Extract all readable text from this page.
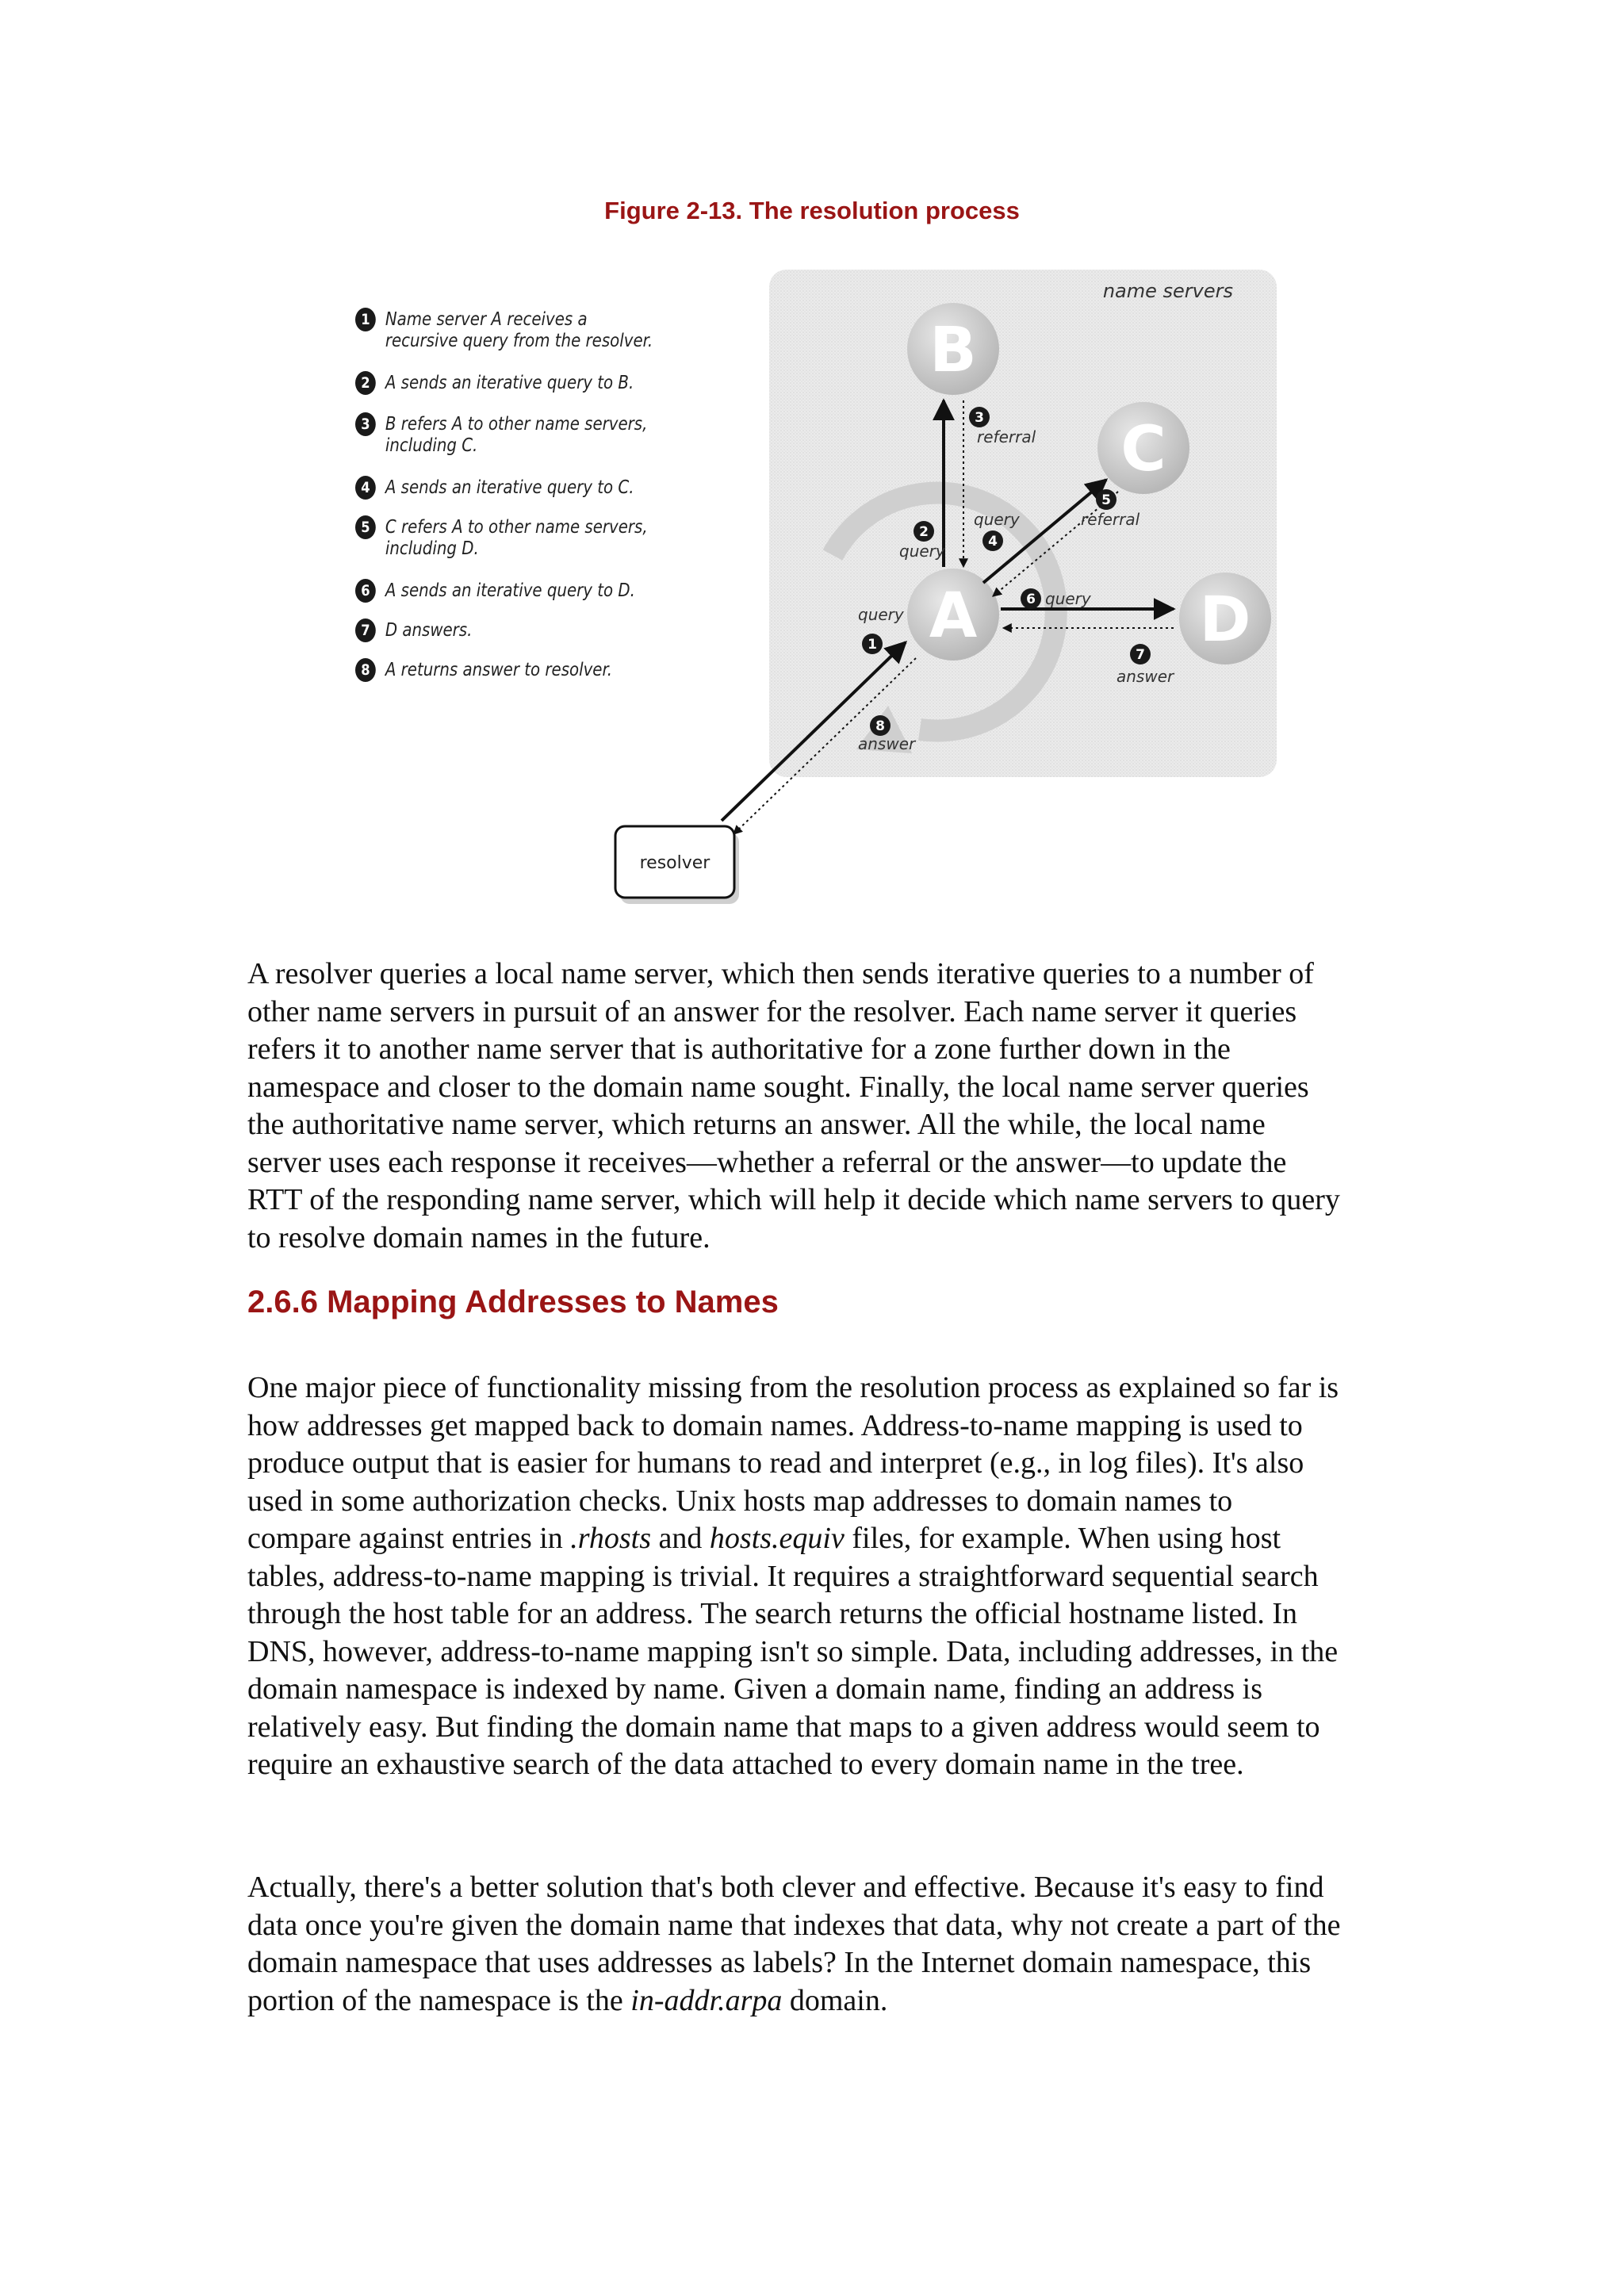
Figure 2-13. The resolution process
name servers
B
C
A	D
resolver
3
2
4
5
6
7
1
8
referral
query
query	referral
query
answer
query
answer
1 Name server A receives a recursive query from the resolver.
2 A sends an iterative query to B.
3 B refers A to other name servers, including C.
4 A sends an iterative query to C.
5 C refers A to other name servers, including D.
6 A sends an iterative query to D.
7 D answers.
8 A returns answer to resolver.

A resolver queries a local name server, which then sends iterative queries to a number of other name servers in pursuit of an answer for the resolver. Each name server it queries refers it to another name server that is authoritative for a zone further down in the namespace and closer to the domain name sought. Finally, the local name server queries the authoritative name server, which returns an answer. All the while, the local name server uses each response it receives—whether a referral or the answer—to update the RTT of the responding name server, which will help it decide which name servers to query to resolve domain names in the future.

2.6.6 Mapping Addresses to Names

One major piece of functionality missing from the resolution process as explained so far is how addresses get mapped back to domain names. Address-to-name mapping is used to produce output that is easier for humans to read and interpret (e.g., in log files). It's also used in some authorization checks. Unix hosts map addresses to domain names to compare against entries in .rhosts and hosts.equiv files, for example. When using host tables, address-to-name mapping is trivial. It requires a straightforward sequential search through the host table for an address. The search returns the official hostname listed. In DNS, however, address-to-name mapping isn't so simple. Data, including addresses, in the domain namespace is indexed by name. Given a domain name, finding an address is relatively easy. But finding the domain name that maps to a given address would seem to require an exhaustive search of the data attached to every domain name in the tree.

Actually, there's a better solution that's both clever and effective. Because it's easy to find data once you're given the domain name that indexes that data, why not create a part of the domain namespace that uses addresses as labels? In the Internet domain namespace, this portion of the namespace is the in-addr.arpa domain.
